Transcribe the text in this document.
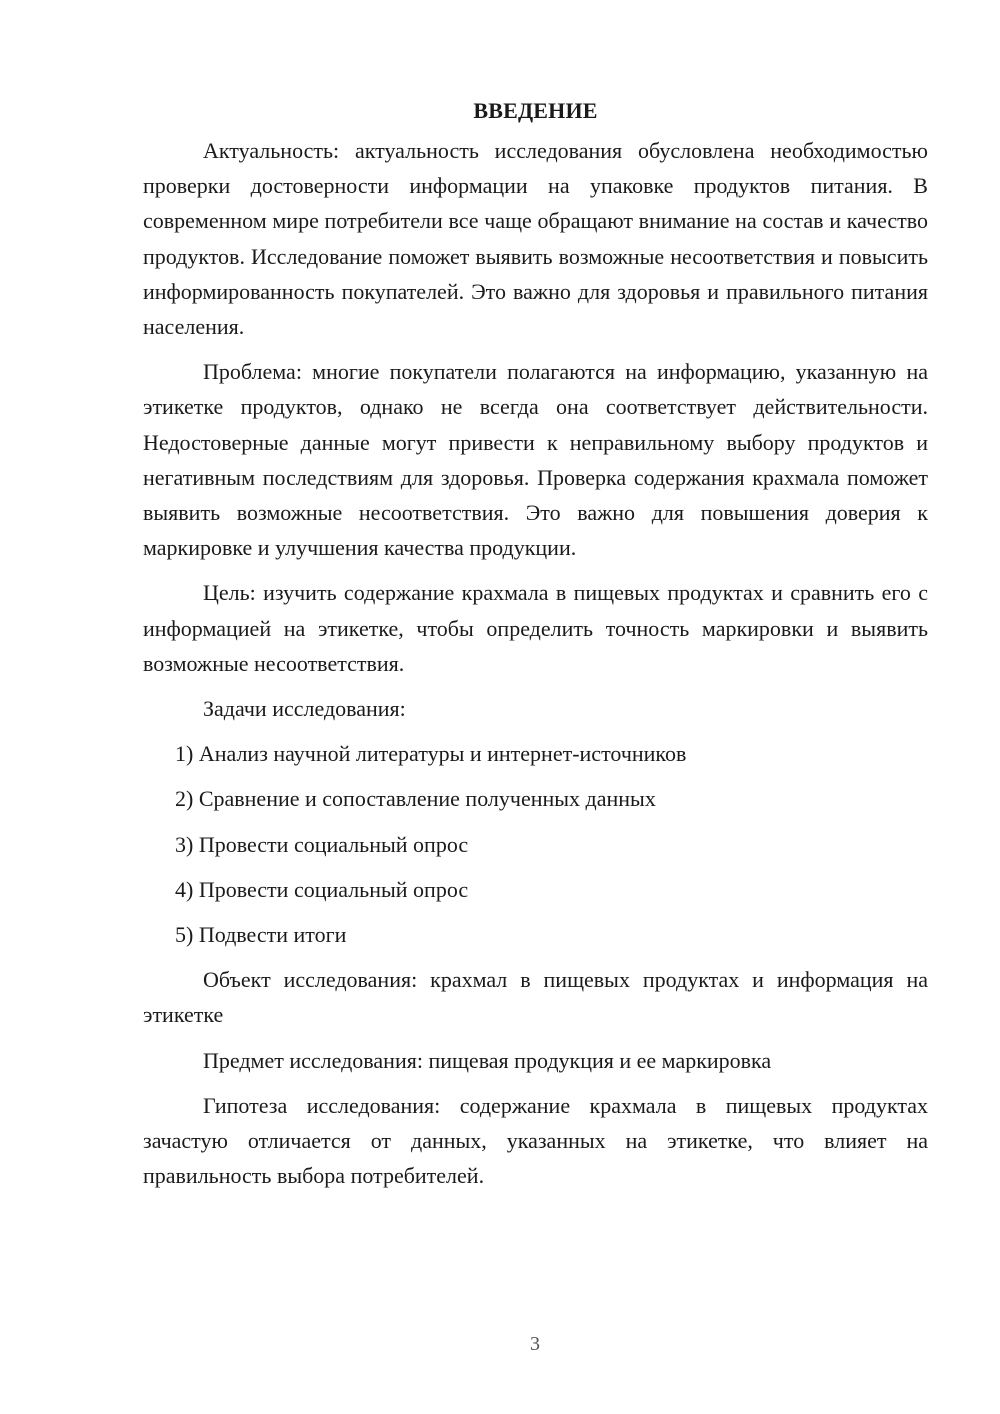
ВВЕДЕНИЕ

Актуальность: актуальность исследования обусловлена необходимостью проверки достоверности информации на упаковке продуктов питания. В современном мире потребители все чаще обращают внимание на состав и качество продуктов. Исследование поможет выявить возможные несоответствия и повысить информированность покупателей. Это важно для здоровья и правильного питания населения.

Проблема: многие покупатели полагаются на информацию, указанную на этикетке продуктов, однако не всегда она соответствует действительности. Недостоверные данные могут привести к неправильному выбору продуктов и негативным последствиям для здоровья. Проверка содержания крахмала поможет выявить возможные несоответствия. Это важно для повышения доверия к маркировке и улучшения качества продукции.

Цель: изучить содержание крахмала в пищевых продуктах и сравнить его с информацией на этикетке, чтобы определить точность маркировки и выявить возможные несоответствия.

Задачи исследования:

1) Анализ научной литературы и интернет-источников
2) Сравнение и сопоставление полученных данных
3) Провести социальный опрос
4) Провести социальный опрос
5) Подвести итоги

Объект исследования: крахмал в пищевых продуктах и информация на этикетке

Предмет исследования: пищевая продукция и ее маркировка

Гипотеза исследования: содержание крахмала в пищевых продуктах зачастую отличается от данных, указанных на этикетке, что влияет на правильность выбора потребителей.

3
